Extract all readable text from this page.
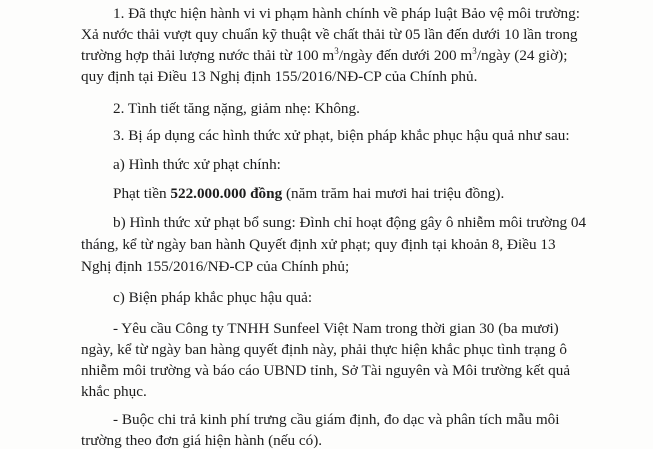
1. Đã thực hiện hành vi vi phạm hành chính về pháp luật Bảo vệ môi trường:
Xả nước thải vượt quy chuẩn kỹ thuật về chất thải từ 05 lần đến dưới 10 lần trong
trường hợp thải lượng nước thải từ 100 $m^3$/ngày đến dưới 200 $m^3$/ngày (24 giờ);
quy định tại Điều 13 Nghị định 155/2016/NĐ-CP của Chính phủ.
2. Tình tiết tăng nặng, giảm nhẹ: Không.
3. Bị áp dụng các hình thức xử phạt, biện pháp khắc phục hậu quả như sau:
a) Hình thức xử phạt chính:
Phạt tiền 522.000.000 đồng (năm trăm hai mươi hai triệu đồng).
b) Hình thức xử phạt bổ sung: Đình chỉ hoạt động gây ô nhiễm môi trường 04
tháng, kể từ ngày ban hành Quyết định xử phạt; quy định tại khoản 8, Điều 13
Nghị định 155/2016/NĐ-CP của Chính phủ;
c) Biện pháp khắc phục hậu quả:
- Yêu cầu Công ty TNHH Sunfeel Việt Nam trong thời gian 30 (ba mươi)
ngày, kể từ ngày ban hàng quyết định này, phải thực hiện khắc phục tình trạng ô
nhiễm môi trường và báo cáo UBND tỉnh, Sở Tài nguyên và Môi trường kết quả
khắc phục.
- Buộc chi trả kinh phí trưng cầu giám định, đo dạc và phân tích mẫu môi
trường theo đơn giá hiện hành (nếu có).
